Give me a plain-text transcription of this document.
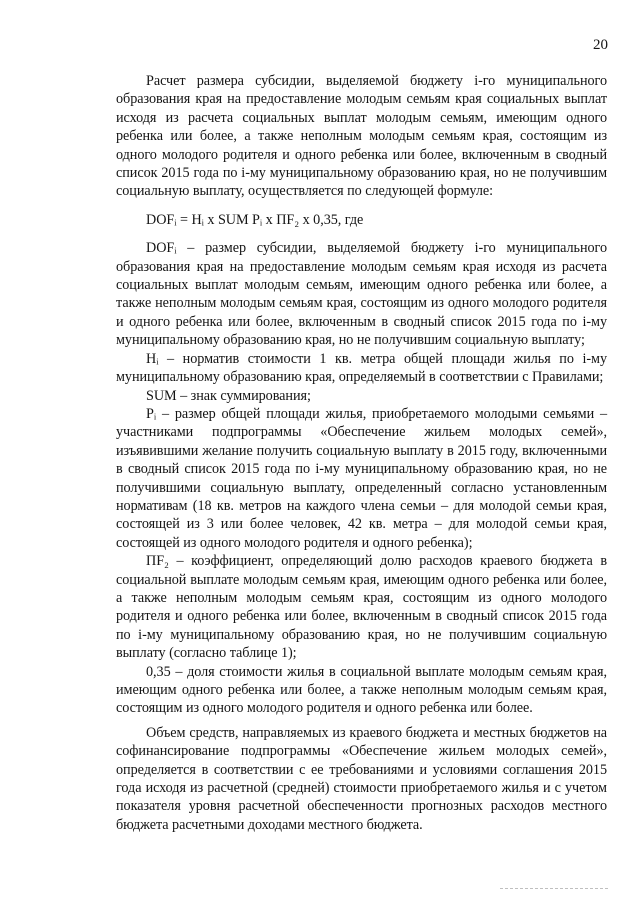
20

Расчет размера субсидии, выделяемой бюджету i-го муниципального образования края на предоставление молодым семьям края социальных выплат исходя из расчета социальных выплат молодым семьям, имеющим одного ребенка или более, а также неполным молодым семьям края, состоящим из одного молодого родителя и одного ребенка или более, включенным в сводный список 2015 года по i-му муниципальному образованию края, но не получившим социальную выплату, осуществляется по следующей формуле:

DOFᵢ = Hᵢ x SUM Pᵢ x ПF₂ x 0,35, где

DOFᵢ – размер субсидии, выделяемой бюджету i-го муниципального образования края на предоставление молодым семьям края исходя из расчета социальных выплат молодым семьям, имеющим одного ребенка или более, а также неполным молодым семьям края, состоящим из одного молодого родителя и одного ребенка или более, включенным в сводный список 2015 года по i-му муниципальному образованию края, но не получившим социальную выплату;

Hᵢ – норматив стоимости 1 кв. метра общей площади жилья по i-му муниципальному образованию края, определяемый в соответствии с Правилами;

SUM – знак суммирования;

Pᵢ – размер общей площади жилья, приобретаемого молодыми семьями – участниками подпрограммы «Обеспечение жильем молодых семей», изъявившими желание получить социальную выплату в 2015 году, включенными в сводный список 2015 года по i-му муниципальному образованию края, но не получившими социальную выплату, определенный согласно установленным нормативам (18 кв. метров на каждого члена семьи – для молодой семьи края, состоящей из 3 или более человек, 42 кв. метра – для молодой семьи края, состоящей из одного молодого родителя и одного ребенка);

ПF₂ – коэффициент, определяющий долю расходов краевого бюджета в социальной выплате молодым семьям края, имеющим одного ребенка или более, а также неполным молодым семьям края, состоящим из одного молодого родителя и одного ребенка или более, включенным в сводный список 2015 года по i-му муниципальному образованию края, но не получившим социальную выплату (согласно таблице 1);

0,35 – доля стоимости жилья в социальной выплате молодым семьям края, имеющим одного ребенка или более, а также неполным молодым семьям края, состоящим из одного молодого родителя и одного ребенка или более.

Объем средств, направляемых из краевого бюджета и местных бюджетов на софинансирование подпрограммы «Обеспечение жильем молодых семей», определяется в соответствии с ее требованиями и условиями соглашения 2015 года исходя из расчетной (средней) стоимости приобретаемого жилья и с учетом показателя уровня расчетной обеспеченности прогнозных расходов местного бюджета расчетными доходами местного бюджета.
